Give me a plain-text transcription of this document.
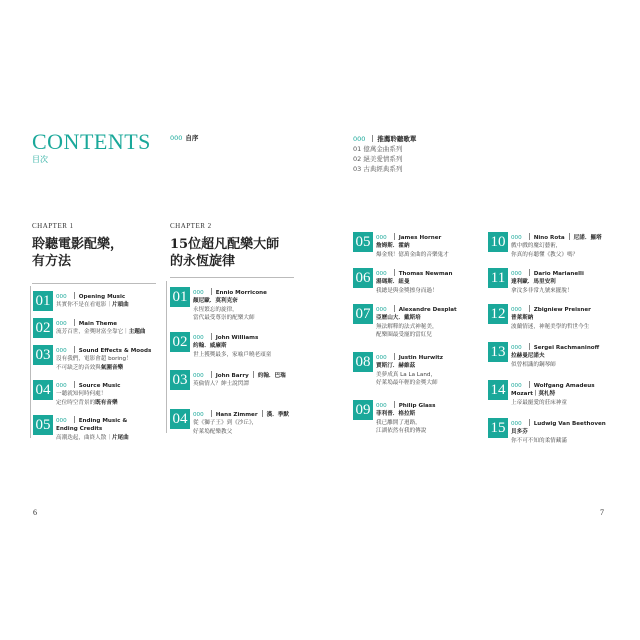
CONTENTS
目次
000 自序	000 推薦聆聽歌單
01 億萬金曲系列
02 絕美愛情系列
03 古典經典系列
CHAPTER 1
聆聽電影配樂，
有方法
01 000 Opening Music
其實你不是在看電影｜片頭曲
02 000 Main Theme
流芳百世，金獎財富全靠它｜主題曲
03 000 Sound Effects & Moods
沒有我們，電影會超 boring！
不可缺乏的音效與氣圍音樂
04 000 Source Music
一聽就知何時何處！
定位時空背景的既有音樂
05 000 Ending Music &
Ending Credits
高潮迭起，曲終人散｜片尾曲
CHAPTER 2
15位超凡配樂大師
的永恆旋律
01 000 Ennio Morricone
顏尼歐．莫利克奈
永恆繁忘的旋律，
當代最受尊崇的配樂大師
02 000 John Williams
約翰．威廉斯
世上獲獎最多，家喻戶曉老頑童
03 000 John Barry 約翰．巴瑞
英倫情人？紳士說閃譚
04 000 Hans Zimmer 漢．季默
從《獅子王》到《沙丘》，
好萊塢配樂教父
05 000 James Horner
詹姆斯．霍納
爆金飛！億萬金曲的音樂鬼才
06 000 Thomas Newman
湯瑪斯．紐曼
我總是與金獎擦身而過！
07 000 Alexandre Desplat
亞歷山大．戴斯培
無法解釋的法式神秘美，
配樂圈最受寵的當紅兒
08 000 Justin Hurwitz
賈斯汀．赫維茲
美夢成真 La La Land，
好萊塢最年輕的金獎大師
09 000 Philip Glass
菲利普．格拉斯
我已離開了迴路，
江湖依然有我的傳說
10 000 Nino Rota 尼諾．羅塔
戲中戲的魔幻藝術，
你真的有聽懂《教父》嗎？
11	000 Dario Marianelli
達利歐．馬里安利
拿汶多非常九號來擺脫！
12 000 Zbigniew Preisner
普萊斯納
波蘭情迷，神秘美學的哲世今生
13 000 Sergei Rachmaninoff
拉赫曼尼諾夫
似曾相識的鋼琴師
14 000 Wolfgang Amadeus
Mozart｜莫札特
上帝最寵愛的莊床神童
15 000 Ludwig Van Beethoven
貝多芬
你不可不知的柔情藏滿
6	7
